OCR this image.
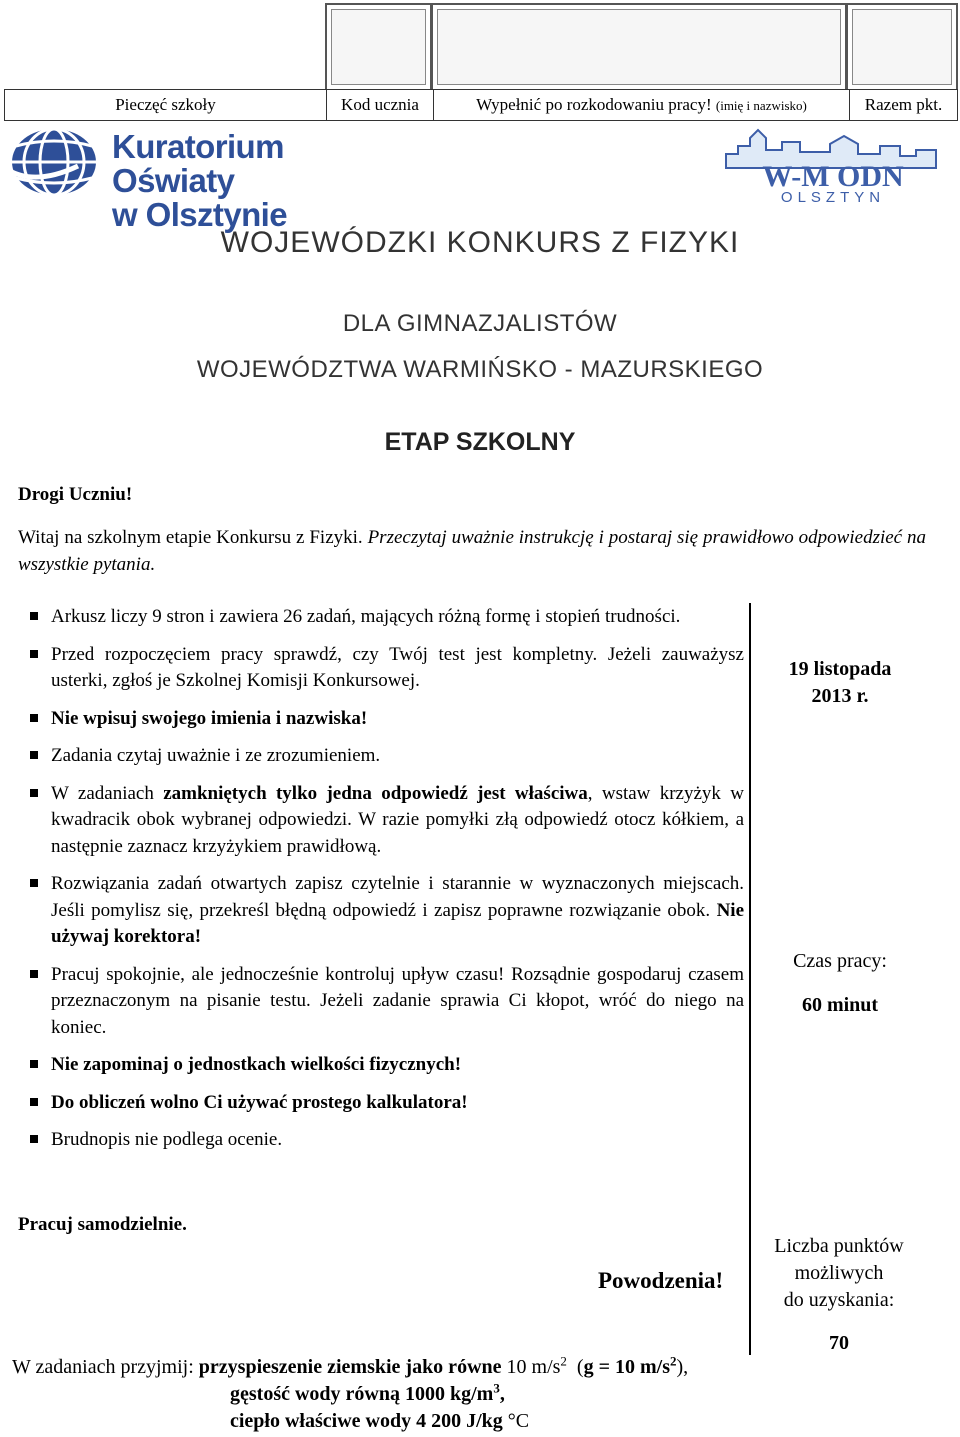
Pieczęć szkoły	Kod ucznia	Wypełnić po rozkodowaniu pracy! (imię i nazwisko)	Razem pkt.
Kuratorium Oświaty
w Olsztynie
W-M ODN
OLSZTYN
WOJEWÓDZKI KONKURS Z FIZYKI
DLA GIMNAZJALISTÓW
WOJEWÓDZTWA WARMIŃSKO - MAZURSKIEGO
ETAP SZKOLNY
Drogi Uczniu!
Witaj na szkolnym etapie Konkursu z Fizyki. Przeczytaj uważnie instrukcję i postaraj się prawidłowo odpowiedzieć na wszystkie pytania.
Arkusz liczy 9 stron i zawiera 26 zadań, mających różną formę i stopień trudności.
Przed rozpoczęciem pracy sprawdź, czy Twój test jest kompletny. Jeżeli zauważysz usterki, zgłoś je Szkolnej Komisji Konkursowej.
Nie wpisuj swojego imienia i nazwiska!
Zadania czytaj uważnie i ze zrozumieniem.
W zadaniach zamkniętych tylko jedna odpowiedź jest właściwa, wstaw krzyżyk w kwadracik obok wybranej odpowiedzi. W razie pomyłki złą odpowiedź otocz kółkiem, a następnie zaznacz krzyżykiem prawidłową.
Rozwiązania zadań otwartych zapisz czytelnie i starannie w wyznaczonych miejscach. Jeśli pomylisz się, przekreśl błędną odpowiedź i zapisz poprawne rozwiązanie obok. Nie używaj korektora!
Pracuj spokojnie, ale jednocześnie kontroluj upływ czasu! Rozsądnie gospodaruj czasem przeznaczonym na pisanie testu. Jeżeli zadanie sprawia Ci kłopot, wróć do niego na koniec.
Nie zapominaj o jednostkach wielkości fizycznych!
Do obliczeń wolno Ci używać prostego kalkulatora!
Brudnopis nie podlega ocenie.
19 listopada
2013 r.
Czas pracy:
60 minut
Liczba punktów
możliwych
do uzyskania:
70
Pracuj samodzielnie.
Powodzenia!
W zadaniach przyjmij: przyspieszenie ziemskie jako równe 10 $m/s^2$  (g = 10 $m/s^2$),
gęstość wody równą 1000 $kg/m^3$,
ciepło właściwe wody 4 200 J/kg °C
